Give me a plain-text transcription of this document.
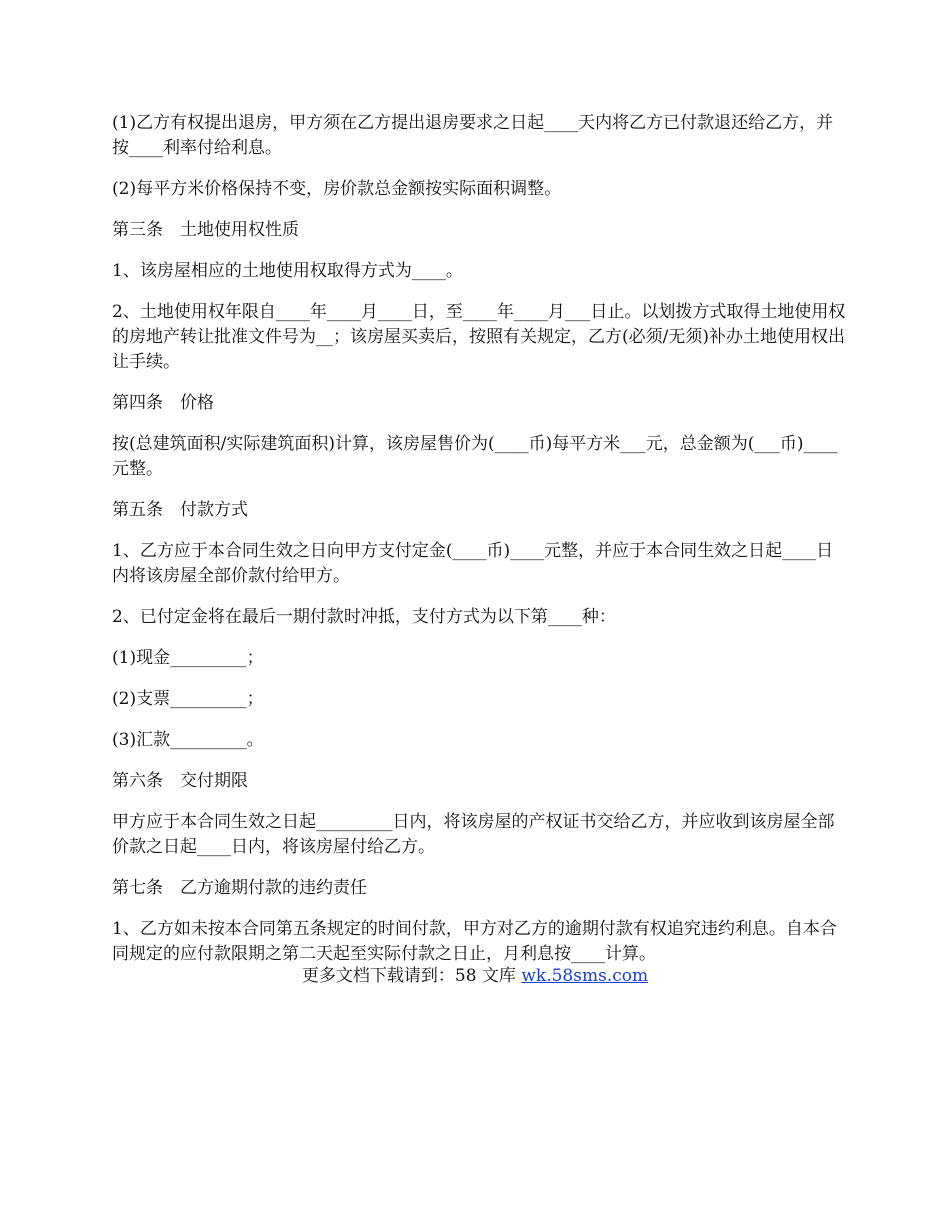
(1)乙方有权提出退房，甲方须在乙方提出退房要求之日起____天内将乙方已付款退还给乙方，并按____利率付给利息。

(2)每平方米价格保持不变，房价款总金额按实际面积调整。

第三条　土地使用权性质

1、该房屋相应的土地使用权取得方式为____。

2、土地使用权年限自____年____月____日，至____年____月___日止。以划拨方式取得土地使用权的房地产转让批准文件号为__；该房屋买卖后，按照有关规定，乙方(必须/无须)补办土地使用权出让手续。

第四条　价格

按(总建筑面积/实际建筑面积)计算，该房屋售价为(____币)每平方米___元，总金额为(___币)____元整。

第五条　付款方式

1、乙方应于本合同生效之日向甲方支付定金(____币)____元整，并应于本合同生效之日起____日内将该房屋全部价款付给甲方。

2、已付定金将在最后一期付款时冲抵，支付方式为以下第____种：

(1)现金_________；

(2)支票_________；

(3)汇款_________。

第六条　交付期限

甲方应于本合同生效之日起_________日内，将该房屋的产权证书交给乙方，并应收到该房屋全部价款之日起____日内，将该房屋付给乙方。

第七条　乙方逾期付款的违约责任

1、乙方如未按本合同第五条规定的时间付款，甲方对乙方的逾期付款有权追究违约利息。自本合同规定的应付款限期之第二天起至实际付款之日止，月利息按____计算。

更多文档下载请到：58 文库 wk.58sms.com
